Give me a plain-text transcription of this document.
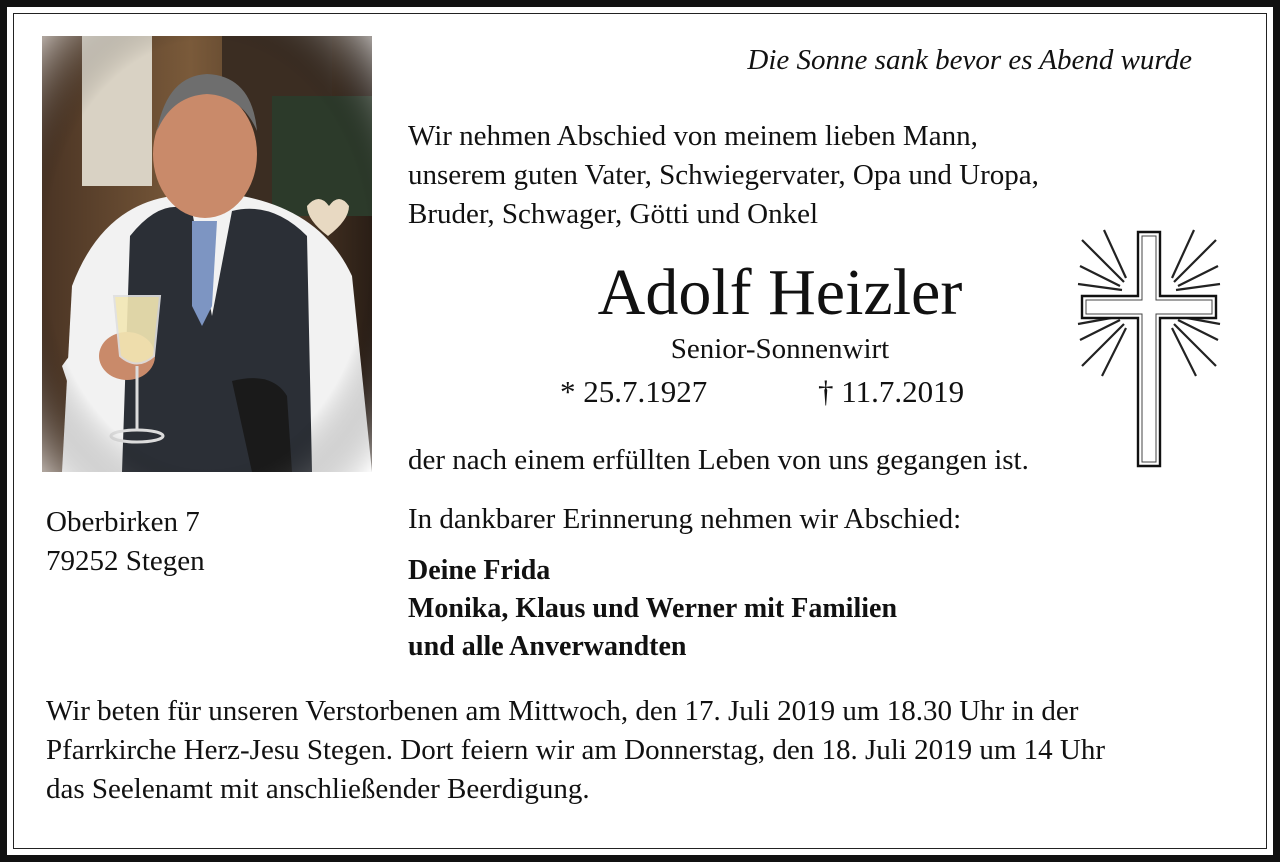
Die Sonne sank bevor es Abend wurde
Wir nehmen Abschied von meinem lieben Mann,
unserem guten Vater, Schwiegervater, Opa und Uropa,
Bruder, Schwager, Götti und Onkel
Adolf Heizler
Senior-Sonnenwirt
* 25.7.1927	† 11.7.2019
der nach einem erfüllten Leben von uns gegangen ist.
Oberbirken 7
79252 Stegen
In dankbarer Erinnerung nehmen wir Abschied:
Deine Frida
Monika, Klaus und Werner mit Familien
und alle Anverwandten
Wir beten für unseren Verstorbenen am Mittwoch, den 17. Juli 2019 um 18.30 Uhr in der
Pfarrkirche Herz-Jesu Stegen. Dort feiern wir am Donnerstag, den 18. Juli 2019 um 14 Uhr
das Seelenamt mit anschließender Beerdigung.
